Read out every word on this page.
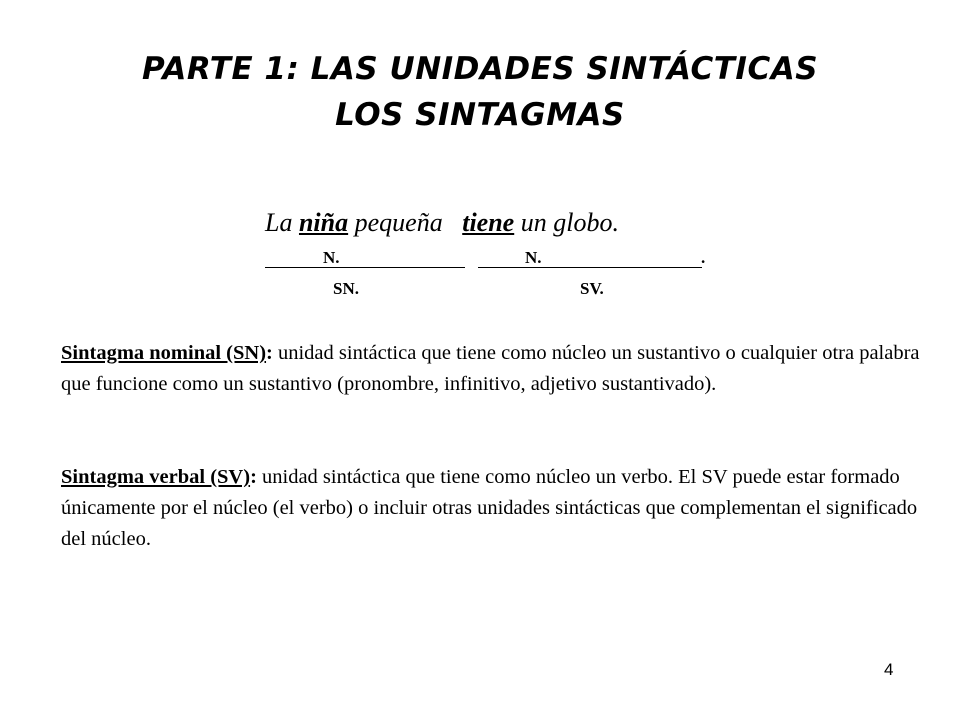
PARTE 1: LAS UNIDADES SINTÁCTICAS
LOS SINTAGMAS
La niña pequeña   tiene un globo.
N.	N.	.
SN.	SV.
Sintagma nominal (SN): unidad sintáctica que tiene como núcleo un sustantivo o cualquier otra palabra que funcione como un sustantivo (pronombre, infinitivo, adjetivo sustantivado).
Sintagma verbal (SV): unidad sintáctica que tiene como núcleo un verbo. El SV puede estar formado únicamente por el núcleo (el verbo) o incluir otras unidades sintácticas que complementan el significado del núcleo.
4
